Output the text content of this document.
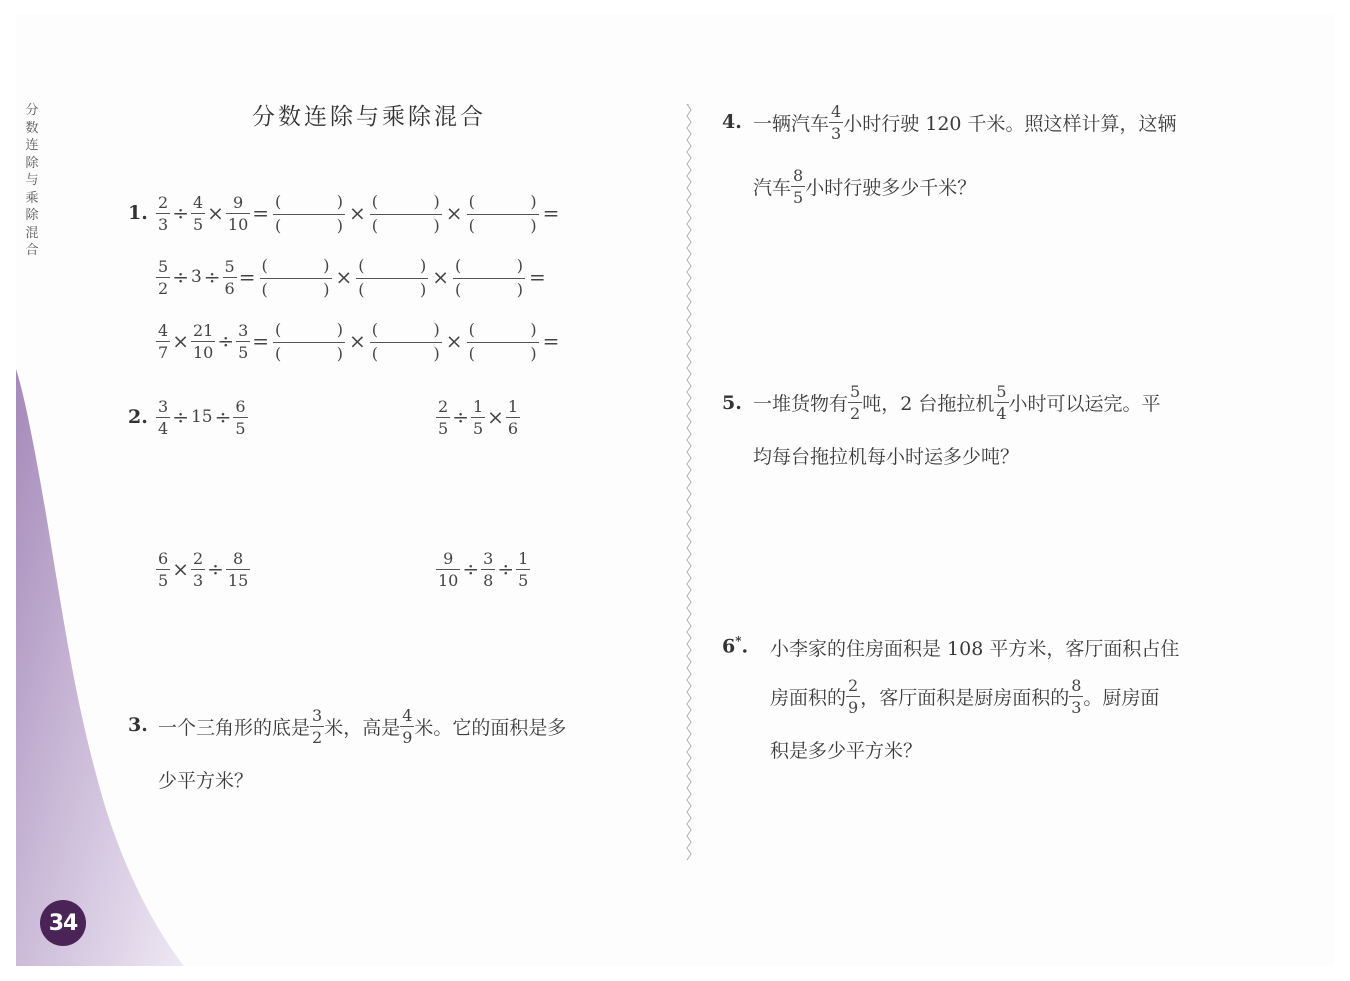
分
数
连
除
与
乘
除
混
合
分数连除与乘除混合
1. $\frac{2}{3} \div \frac{4}{5} \times \frac{9}{10}$ = (	)
(	) × (	)
(	) × (	)
(	) =
$\frac{5}{2} \div 3 \div \frac{5}{6}$ = (	)
(	) × (	)
(	) × (	)
(	) =
$\frac{4}{7} \times \frac{21}{10} \div \frac{3}{5}$ = (	)
(	) × (	)
(	) × (	)
(	) =
2. $\frac{3}{4} \div 15 \div \frac{6}{5}$	$\frac{2}{5} \div \frac{1}{5} \times \frac{1}{6}$
$\frac{6}{5} \times \frac{2}{3} \div \frac{8}{15}$	$\frac{9}{10} \div \frac{3}{8} \div \frac{1}{5}$
3. 一个三角形的底是 $\frac{3}{2}$ 米，高是 $\frac{4}{9}$ 米。它的面积是多
少平方米？
4. 一辆汽车 $\frac{4}{3}$ 小时行驶 120 千米。照这样计算，这辆
汽车 $\frac{8}{5}$ 小时行驶多少千米？
5. 一堆货物有 $\frac{5}{2}$ 吨，2 台拖拉机 $\frac{5}{4}$ 小时可以运完。平
均每台拖拉机每小时运多少吨？
6*. 小李家的住房面积是 108 平方米，客厅面积占住
房面积的 $\frac{2}{9}$ ，客厅面积是厨房面积的 $\frac{8}{3}$ 。厨房面
积是多少平方米？
34
